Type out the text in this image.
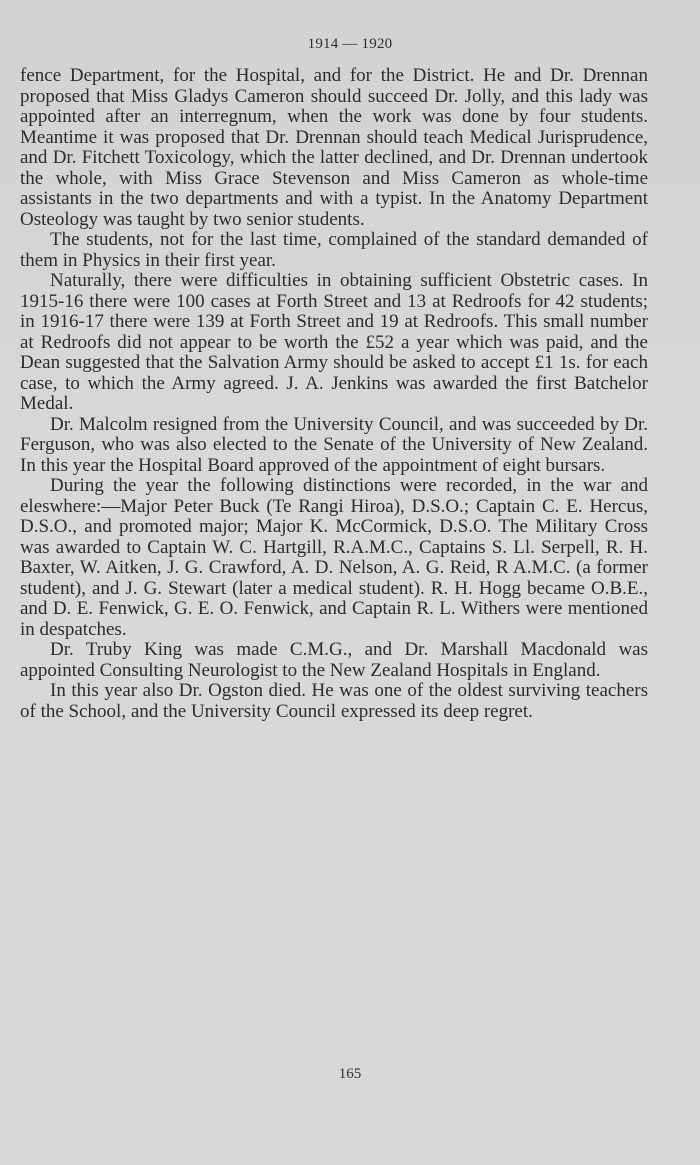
1914 — 1920

fence Department, for the Hospital, and for the District. He and Dr. Drennan proposed that Miss Gladys Cameron should succeed Dr. Jolly, and this lady was appointed after an interregnum, when the work was done by four students. Meantime it was proposed that Dr. Drennan should teach Medical Jurisprudence, and Dr. Fitchett Toxicology, which the latter declined, and Dr. Drennan undertook the whole, with Miss Grace Stevenson and Miss Cameron as whole-time assistants in the two departments and with a typist. In the Anatomy Department Osteology was taught by two senior students.

The students, not for the last time, complained of the standard demanded of them in Physics in their first year.

Naturally, there were difficulties in obtaining sufficient Obstetric cases. In 1915-16 there were 100 cases at Forth Street and 13 at Redroofs for 42 students; in 1916-17 there were 139 at Forth Street and 19 at Redroofs. This small number at Redroofs did not appear to be worth the £52 a year which was paid, and the Dean suggested that the Salvation Army should be asked to accept £1 1s. for each case, to which the Army agreed. J. A. Jenkins was awarded the first Batchelor Medal.

Dr. Malcolm resigned from the University Council, and was succeeded by Dr. Ferguson, who was also elected to the Senate of the University of New Zealand. In this year the Hospital Board approved of the appointment of eight bursars.

During the year the following distinctions were recorded, in the war and eleswhere:—Major Peter Buck (Te Rangi Hiroa), D.S.O.; Captain C. E. Hercus, D.S.O., and promoted major; Major K. McCormick, D.S.O. The Military Cross was awarded to Captain W. C. Hartgill, R.A.M.C., Captains S. Ll. Serpell, R. H. Baxter, W. Aitken, J. G. Crawford, A. D. Nelson, A. G. Reid, R A.M.C. (a former student), and J. G. Stewart (later a medical student). R. H. Hogg became O.B.E., and D. E. Fenwick, G. E. O. Fenwick, and Captain R. L. Withers were mentioned in despatches.

Dr. Truby King was made C.M.G., and Dr. Marshall Macdonald was appointed Consulting Neurologist to the New Zealand Hospitals in England.

In this year also Dr. Ogston died. He was one of the oldest surviving teachers of the School, and the University Council expressed its deep regret.

165
